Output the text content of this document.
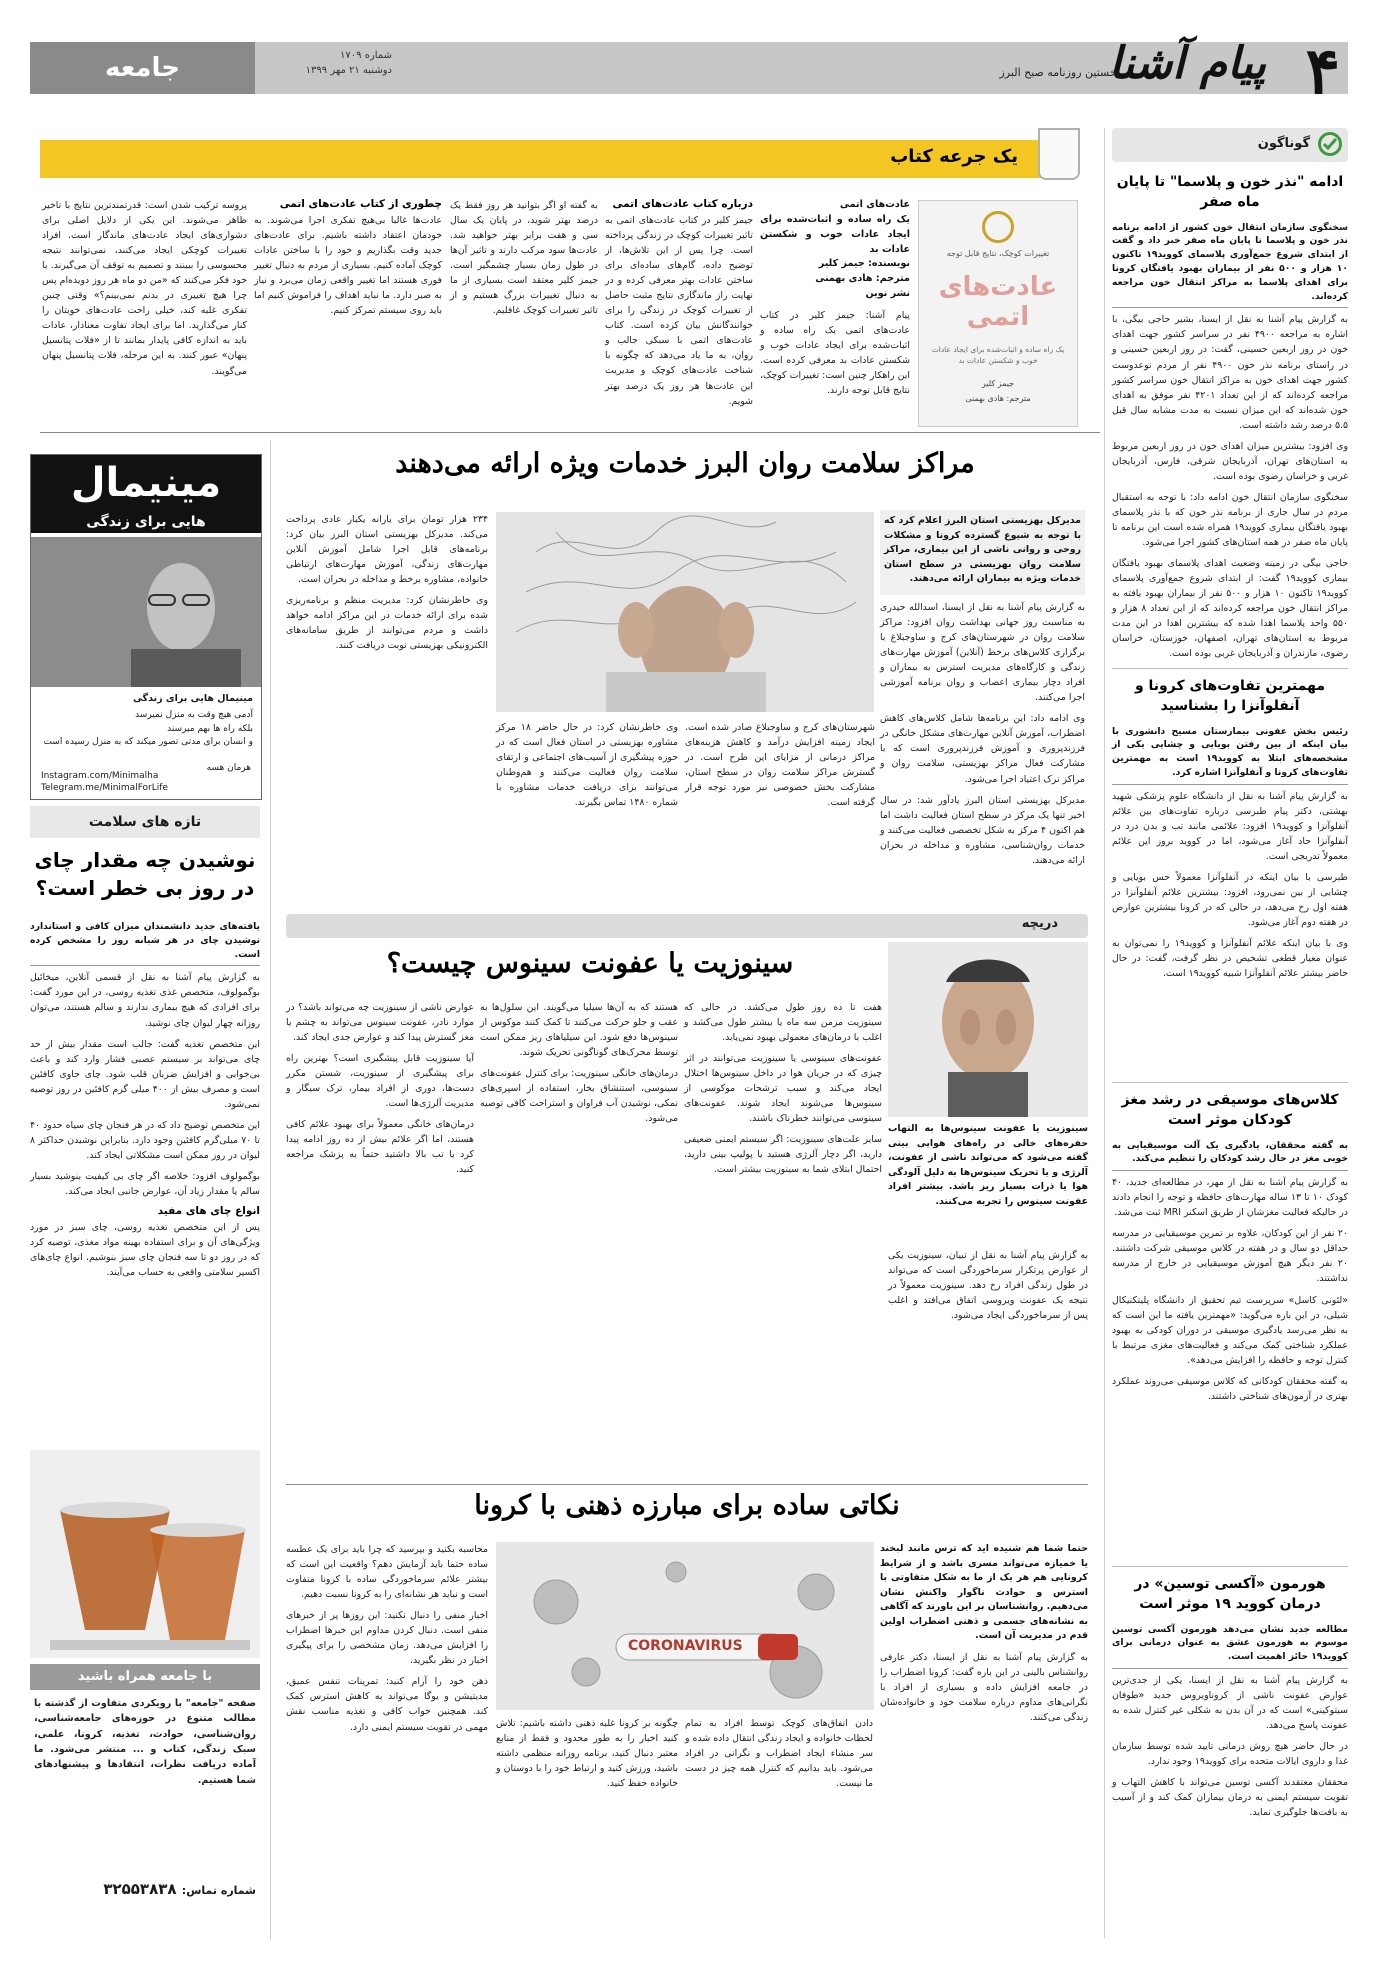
۴
پیام آشنا
نخستین روزنامه صبح البرز
شماره ۱۷۰۹
دوشنبه ۲۱ مهر ۱۳۹۹
جامعه
گوناگون
ادامه "نذر خون و پلاسما" تا پایان ماه صفر
سخنگوی سازمان انتقال خون کشور از ادامه برنامه نذر خون و پلاسما تا پایان ماه صفر خبر داد و گفت از ابتدای شروع جمع‌آوری پلاسمای کووید۱۹ تاکنون ۱۰ هزار و ۵۰۰ نفر از بیماران بهبود یافتگان کرونا برای اهدای پلاسما به مراکز انتقال خون مراجعه کرده‌اند.

به گزارش پیام آشنا به نقل از ایسنا، بشیر حاجی بیگی، با اشاره به مراجعه ۴۹۰۰ نفر در سراسر کشور جهت اهدای خون در روز اربعین حسینی، گفت: در روز اربعین حسینی و در راستای برنامه نذر خون ۴۹۰۰ نفر از مردم نوعدوست کشور جهت اهدای خون به مراکز انتقال خون سراسر کشور مراجعه کرده‌اند که از این تعداد ۴۲۰۱ نفر موفق به اهدای خون شده‌اند که این میزان نسبت به مدت مشابه سال قبل ۵.۵ درصد رشد داشته است.

وی افزود: بیشترین میزان اهدای خون در روز اربعین مربوط به استان‌های تهران، آذربایجان شرقی، فارس، آذربایجان غربی و خراسان رضوی بوده است.

سخنگوی سازمان انتقال خون ادامه داد: با توجه به استقبال مردم در سال جاری از برنامه نذر خون که با نذر پلاسمای بهبود یافتگان بیماری کووید۱۹ همراه شده است این برنامه تا پایان ماه صفر در همه استان‌های کشور اجرا می‌شود.

حاجی بیگی در زمینه وضعیت اهدای پلاسمای بهبود یافتگان بیماری کووید۱۹ گفت: از ابتدای شروع جمع‌آوری پلاسمای کووید۱۹ تاکنون ۱۰ هزار و ۵۰۰ نفر از بیماران بهبود یافته به مراکز انتقال خون مراجعه کرده‌اند که از این تعداد ۸ هزار و ۵۵۰ واحد پلاسما اهدا شده که بیشترین اهدا در این مدت مربوط به استان‌های تهران، اصفهان، خوزستان، خراسان رضوی، مازندران و آذربایجان غربی بوده است.

مهمترین تفاوت‌های کرونا و آنفلوآنزا را بشناسید
رئیس بخش عفونی بیمارستان مسیح دانشوری با بیان اینکه از بین رفتن بویایی و چشایی یکی از مشخصه‌های ابتلا به کووید۱۹ است به مهمترین تفاوت‌های کرونا و آنفلوآنزا اشاره کرد.

به گزارش پیام آشنا به نقل از دانشگاه علوم پزشکی شهید بهشتی، دکتر پیام طبرسی درباره تفاوت‌های بین علائم آنفلوآنزا و کووید۱۹ افزود: علائمی مانند تب و بدن درد در آنفلوآنزا حاد آغاز می‌شود، اما در کووید بروز این علائم معمولاً تدریجی است.

طبرسی با بیان اینکه در آنفلوآنزا معمولاً حس بویایی و چشایی از بین نمی‌رود، افزود: بیشترین علائم آنفلوآنزا در هفته اول رخ می‌دهد، در حالی که در کرونا بیشترین عوارض در هفته دوم آغاز می‌شود.

وی با بیان اینکه علائم آنفلوآنزا و کووید۱۹ را نمی‌توان به عنوان معیار قطعی تشخیص در نظر گرفت، گفت: در حال حاضر بیشتر علائم آنفلوآنزا شبیه کووید۱۹ است.

کلاس‌های موسیقی در رشد مغز کودکان موثر است
به گفته محققان، یادگیری یک آلت موسیقیایی به خوبی مغز در حال رشد کودکان را تنظیم می‌کند.

به گزارش پیام آشنا به نقل از مهر، در مطالعه‌ای جدید، ۴۰ کودک ۱۰ تا ۱۳ ساله مهارت‌های حافظه و توجه را انجام دادند در حالیکه فعالیت مغزشان از طریق اسکنر MRI ثبت می‌شد.

۲۰ نفر از این کودکان، علاوه بر تمرین موسیقیایی در مدرسه حداقل دو سال و در هفته در کلاس موسیقی شرکت داشتند. ۲۰ نفر دیگر هیچ آموزش موسیقیایی در خارج از مدرسه نداشتند.

«لئونی کاسل» سرپرست تیم تحقیق از دانشگاه پلیتکنیکال شیلی، در این باره می‌گوید: «مهمترین یافته ما این است که به نظر می‌رسد یادگیری موسیقی در دوران کودکی به بهبود عملکرد شناختی کمک می‌کند و فعالیت‌های مغزی مرتبط با کنترل توجه و حافظه را افزایش می‌دهد».

به گفته محققان کودکانی که کلاس موسیقی می‌روند عملکرد بهتری در آزمون‌های شناختی داشتند.

هورمون «آکسی توسین» در درمان کووید ۱۹ موثر است
مطالعه جدید نشان می‌دهد هورمون آکسی توسین موسوم به هورمون عشق به عنوان درمانی برای کووید۱۹ حائز اهمیت است.

به گزارش پیام آشنا به نقل از ایسنا، یکی از جدی‌ترین عوارض عفونت ناشی از کروناویروس جدید «طوفان سیتوکینی» است که در آن بدن به شکلی غیر کنترل شده به عفونت پاسخ می‌دهد.

در حال حاضر هیچ روش درمانی تایید شده توسط سازمان غذا و داروی ایالات متحده برای کووید۱۹ وجود ندارد.

محققان معتقدند آکسی توسین می‌تواند با کاهش التهاب و تقویت سیستم ایمنی به درمان بیماران کمک کند و از آسیب به بافت‌ها جلوگیری نماید.

یک جرعه کتاب
تغییرات کوچک، نتایج قابل توجه
عادت‌های اتمی
یک راه ساده و اثبات‌شده برای ایجاد عادات خوب و شکستن عادات بد
جیمز کلیر
مترجم: هادی بهمنی
عادت‌های اتمی
یک راه ساده و اثبات‌شده برای ایجاد عادات خوب و شکستن عادات بد
نویسنده: جیمز کلیر
مترجم: هادی بهمنی
نشر نوین

پیام آشنا: جیمز کلیر در کتاب عادت‌های اتمی یک راه ساده و اثبات‌شده برای ایجاد عادات خوب و شکستن عادات بد معرفی کرده است. این راهکار چنین است: تغییرات کوچک، نتایج قابل توجه دارند.

درباره کتاب عادت‌های اتمی

جیمز کلیر در کتاب عادت‌های اتمی به تاثیر تغییرات کوچک در زندگی پرداخته است. چرا پس از این تلاش‌ها، از توضیح داده، گام‌های ساده‌ای برای ساختن عادات بهتر معرفی کرده و در نهایت راز ماندگاری نتایج مثبت حاصل از تغییرات کوچک در زندگی را برای خوانندگانش بیان کرده است. کتاب عادت‌های اتمی با سبکی جالب و روان، به ما یاد می‌دهد که چگونه با شناخت عادت‌های کوچک و مدیریت این عادت‌ها هر روز یک درصد بهتر شویم.

به گفته او اگر بتوانید هر روز فقط یک درصد بهتر شوید، در پایان یک سال سی و هفت برابر بهتر خواهید شد. عادت‌ها سود مرکب دارند و تاثیر آن‌ها در طول زمان بسیار چشمگیر است. جیمز کلیر معتقد است بسیاری از ما به دنبال تغییرات بزرگ هستیم و از تاثیر تغییرات کوچک غافلیم.

چطوری از کتاب عادت‌های اتمی

عادت‌ها غالبا بی‌هیچ تفکری اجرا می‌شوند. به خودمان اعتقاد داشته باشیم. برای عادت‌های جدید وقت بگذاریم و خود را با ساختن عادات کوچک آماده کنیم. بسیاری از مردم به دنبال تغییر فوری هستند اما تغییر واقعی زمان می‌برد و نیاز به صبر دارد. ما نباید اهداف را فراموش کنیم اما باید روی سیستم تمرکز کنیم.

پروسه ترکیب شدن است: قدرتمندترین نتایج با تاخیر ظاهر می‌شوند. این یکی از دلایل اصلی برای دشواری‌های ایجاد عادت‌های ماندگار است. افراد تغییرات کوچکی ایجاد می‌کنند، نمی‌توانند نتیجه محسوسی را ببینند و تصمیم به توقف آن می‌گیرند. با خود فکر می‌کنند که «من دو ماه هر روز دویده‌ام پس چرا هیچ تغییری در بدنم نمی‌بینم؟» وقتی چنین تفکری غلبه کند، خیلی راحت عادت‌های خوبتان را کنار می‌گذارید. اما برای ایجاد تفاوت معنادار، عادات باید به اندازه کافی پایدار بمانند تا از «فلات پتانسیل پنهان» عبور کنند. به این مرحله، فلات پتانسیل پنهان می‌گویند.

مراکز سلامت روان البرز خدمات ویژه ارائه می‌دهند
مدیرکل بهزیستی استان البرز اعلام کرد که با توجه به شیوع گسترده کرونا و مشکلات روحی و روانی ناشی از این بیماری، مراکز سلامت روان بهزیستی در سطح استان خدمات ویژه به بیماران ارائه می‌دهند.

به گزارش پیام آشنا به نقل از ایسنا، اسدالله حیدری به مناسبت روز جهانی بهداشت روان افزود: مراکز سلامت روان در شهرستان‌های کرج و ساوجبلاغ با برگزاری کلاس‌های برخط (آنلاین) آموزش مهارت‌های زندگی و کارگاه‌های مدیریت استرس به بیماران و افراد دچار بیماری اعصاب و روان برنامه آموزشی اجرا می‌کنند.

وی ادامه داد: این برنامه‌ها شامل کلاس‌های کاهش اضطراب، آموزش آنلاین مهارت‌های مشکل خانگی در فرزندپروری و آموزش فرزندپروری است که با مشارکت فعال مراکز بهزیستی، سلامت روان و مراکز ترک اعتیاد اجرا می‌شود.

مدیرکل بهزیستی استان البرز یادآور شد: در سال اخیر تنها یک مرکز در سطح استان فعالیت داشت اما هم اکنون ۴ مرکز به شکل تخصصی فعالیت می‌کنند و خدمات روان‌شناسی، مشاوره و مداخله در بحران ارائه می‌دهند.

شهرستان‌های کرج و ساوجبلاغ صادر شده است. ایجاد زمینه افزایش درآمد و کاهش هزینه‌های مراکز درمانی از مزایای این طرح است. در گسترش مراکز سلامت روان در سطح استان، مشارکت بخش خصوصی نیز مورد توجه قرار گرفته است.

وی خاطرنشان کرد: در حال حاضر ۱۸ مرکز مشاوره بهزیستی در استان فعال است که در حوزه پیشگیری از آسیب‌های اجتماعی و ارتقای سلامت روان فعالیت می‌کنند و هم‌وطنان می‌توانند برای دریافت خدمات مشاوره با شماره ۱۴۸۰ تماس بگیرند.

۲۳۴ هزار تومان برای یارانه یکبار عادی پرداخت می‌کند. مدیرکل بهزیستی استان البرز بیان کرد: برنامه‌های قابل اجرا شامل آموزش آنلاین مهارت‌های زندگی، آموزش مهارت‌های ارتباطی خانواده، مشاوره برخط و مداخله در بحران است.

وی خاطرنشان کرد: مدیریت منظم و برنامه‌ریزی شده برای ارائه خدمات در این مراکز ادامه خواهد داشت و مردم می‌توانند از طریق سامانه‌های الکترونیکی بهزیستی نوبت دریافت کنند.

مینیمال
هایی برای زندگی
مینیمال هایی برای زندگی
آدمی هیچ وقت به منزل نمیرسد
بلکه راه ها بهم میرسند
و انسان برای مدتی تصور میکند که به منزل رسیده است
هرمان هسه
Instagram.com/Minimalha
Telegram.me/MinimalForLife
تازه های سلامت
نوشیدن چه مقدار چای در روز بی خطر است؟
یافته‌های جدید دانشمندان میزان کافی و استاندارد نوشیدن چای در هر شبانه روز را مشخص کرده است.

به گزارش پیام آشنا به نقل از قسمی آنلاین، میخائیل بوگمولوف، متخصص غذی تغذیه روسی، در این مورد گفت: برای افرادی که هیچ بیماری ندارند و سالم هستند، می‌توان روزانه چهار لیوان چای نوشید.

این متخصص تغذیه گفت: جالب است مقدار بیش از حد چای می‌تواند بر سیستم عصبی فشار وارد کند و باعث بی‌خوابی و افزایش ضربان قلب شود. چای حاوی کافئین است و مصرف بیش از ۴۰۰ میلی گرم کافئین در روز توصیه نمی‌شود.

این متخصص توضیح داد که در هر فنجان چای سیاه حدود ۴۰ تا ۷۰ میلی‌گرم کافئین وجود دارد. بنابراین نوشیدن حداکثر ۸ لیوان در روز ممکن است مشکلاتی ایجاد کند.

بوگمولوف افزود: خلاصه اگر چای بی کیفیت بنوشید بسیار سالم یا مقدار زیاد آن، عوارض جانبی ایجاد می‌کند.

انواع چای های مفید

پس از این متخصص تغذیه روسی، چای سبز در مورد ویژگی‌های آن و برای استفاده بهینه مواد مغذی، توصیه کرد که در روز دو تا سه فنجان چای سبز بنوشیم. انواع چای‌های اکسیر سلامتی واقعی به حساب می‌آیند.

با جامعه همراه باشید

صفحه "جامعه" با رویکردی متفاوت از گذشته با مطالب متنوع در حوزه‌های جامعه‌شناسی، روان‌شناسی، حوادث، تغذیه، کرونا، علمی، سبک زندگی، کتاب و ... منتشر می‌شود. ما آماده دریافت نظرات، انتقادها و پیشنهادهای شما هستیم.

شماره تماس: ۳۲۵۵۳۸۳۸
دریچه
سینوزیت یا عفونت سینوس چیست؟
سینوزیت یا عفونت سینوس‌ها به التهاب حفره‌های خالی در راه‌های هوایی بینی گفته می‌شود که می‌تواند ناشی از عفونت، آلرژی و یا تحریک سینوس‌ها به دلیل آلودگی هوا یا ذرات بسیار ریز باشد. بیشتر افراد عفونت سینوس را تجربه می‌کنند.

به گزارش پیام آشنا به نقل از تبیان، سینوزیت یکی از عوارض پرتکرار سرماخوردگی است که می‌تواند در طول زندگی افراد رخ دهد. سینوزیت معمولاً در نتیجه یک عفونت ویروسی اتفاق می‌افتد و اغلب پس از سرماخوردگی ایجاد می‌شود.

هفت تا ده روز طول می‌کشد. در حالی که سینوزیت مزمن سه ماه یا بیشتر طول می‌کشد و اغلب با درمان‌های معمولی بهبود نمی‌یابد.

عفونت‌های سینوسی یا سینوزیت می‌توانند در اثر چیزی که در جریان هوا در داخل سینوس‌ها اختلال ایجاد می‌کند و سبب ترشحات موکوسی از سینوس‌ها می‌شوند ایجاد شوند. عفونت‌های سینوسی می‌توانند خطرناک باشند.

سایر علت‌های سینوزیت: اگر سیستم ایمنی ضعیفی دارید، اگر دچار آلرژی هستید یا پولیپ بینی دارید، احتمال ابتلای شما به سینوزیت بیشتر است.

هستند که به آن‌ها سیلیا می‌گویند. این سلول‌ها به عقب و جلو حرکت می‌کنند تا کمک کنند موکوس از سینوس‌ها دفع شود. این سیلیاهای ریز ممکن است توسط محرک‌های گوناگونی تحریک شوند.

درمان‌های خانگی سینوزیت: برای کنترل عفونت‌های سینوسی، استنشاق بخار، استفاده از اسپری‌های نمکی، نوشیدن آب فراوان و استراحت کافی توصیه می‌شود.

عوارض ناشی از سینوزیت چه می‌تواند باشد؟ در موارد نادر، عفونت سینوس می‌تواند به چشم یا مغز گسترش پیدا کند و عوارض جدی ایجاد کند.

آیا سینوزیت قابل پیشگیری است؟ بهترین راه برای پیشگیری از سینوزیت، شستن مکرر دست‌ها، دوری از افراد بیمار، ترک سیگار و مدیریت آلرژی‌ها است.

درمان‌های خانگی معمولاً برای بهبود علائم کافی هستند، اما اگر علائم بیش از ده روز ادامه پیدا کرد یا تب بالا داشتید حتماً به پزشک مراجعه کنید.

نکاتی ساده برای مبارزه ذهنی با کرونا
CORONAVIRUS

حتما شما هم شنیده اید که ترس مانند لبخند یا خمیازه می‌تواند مسری باشد و از شرایط کرونایی هم هر یک از ما به شکل متفاوتی با استرس و حوادث ناگوار واکنش نشان می‌دهیم. روانشناسان بر این باورند که آگاهی به نشانه‌های جسمی و ذهنی اضطراب اولین قدم در مدیریت آن است.

به گزارش پیام آشنا به نقل از ایسنا، دکتر عارفی روانشناس بالینی در این باره گفت: کرونا اضطراب را در جامعه افزایش داده و بسیاری از افراد با نگرانی‌های مداوم درباره سلامت خود و خانواده‌شان زندگی می‌کنند.

دادن اتفاق‌های کوچک توسط افراد به تمام لحظات خانواده و ایجاد زندگی انتقال داده شده و سر منشاء ایجاد اضطراب و نگرانی در افراد می‌شود. باید بدانیم که کنترل همه چیز در دست ما نیست.

چگونه بر کرونا غلبه ذهنی داشته باشیم: تلاش کنید اخبار را به طور محدود و فقط از منابع معتبر دنبال کنید، برنامه روزانه منظمی داشته باشید، ورزش کنید و ارتباط خود را با دوستان و خانواده حفظ کنید.

محاسبه بکنید و بپرسید که چرا باید برای یک عطسه ساده حتما باید آزمایش دهم؟ واقعیت این است که بیشتر علائم سرماخوردگی ساده با کرونا متفاوت است و نباید هر نشانه‌ای را به کرونا نسبت دهیم.

اخبار منفی را دنبال نکنید: این روزها پر از خبرهای منفی است. دنبال کردن مداوم این خبرها اضطراب را افزایش می‌دهد. زمان مشخصی را برای پیگیری اخبار در نظر بگیرید.

ذهن خود را آرام کنید: تمرینات تنفس عمیق، مدیتیشن و یوگا می‌تواند به کاهش استرس کمک کند. همچنین خواب کافی و تغذیه مناسب نقش مهمی در تقویت سیستم ایمنی دارد.
